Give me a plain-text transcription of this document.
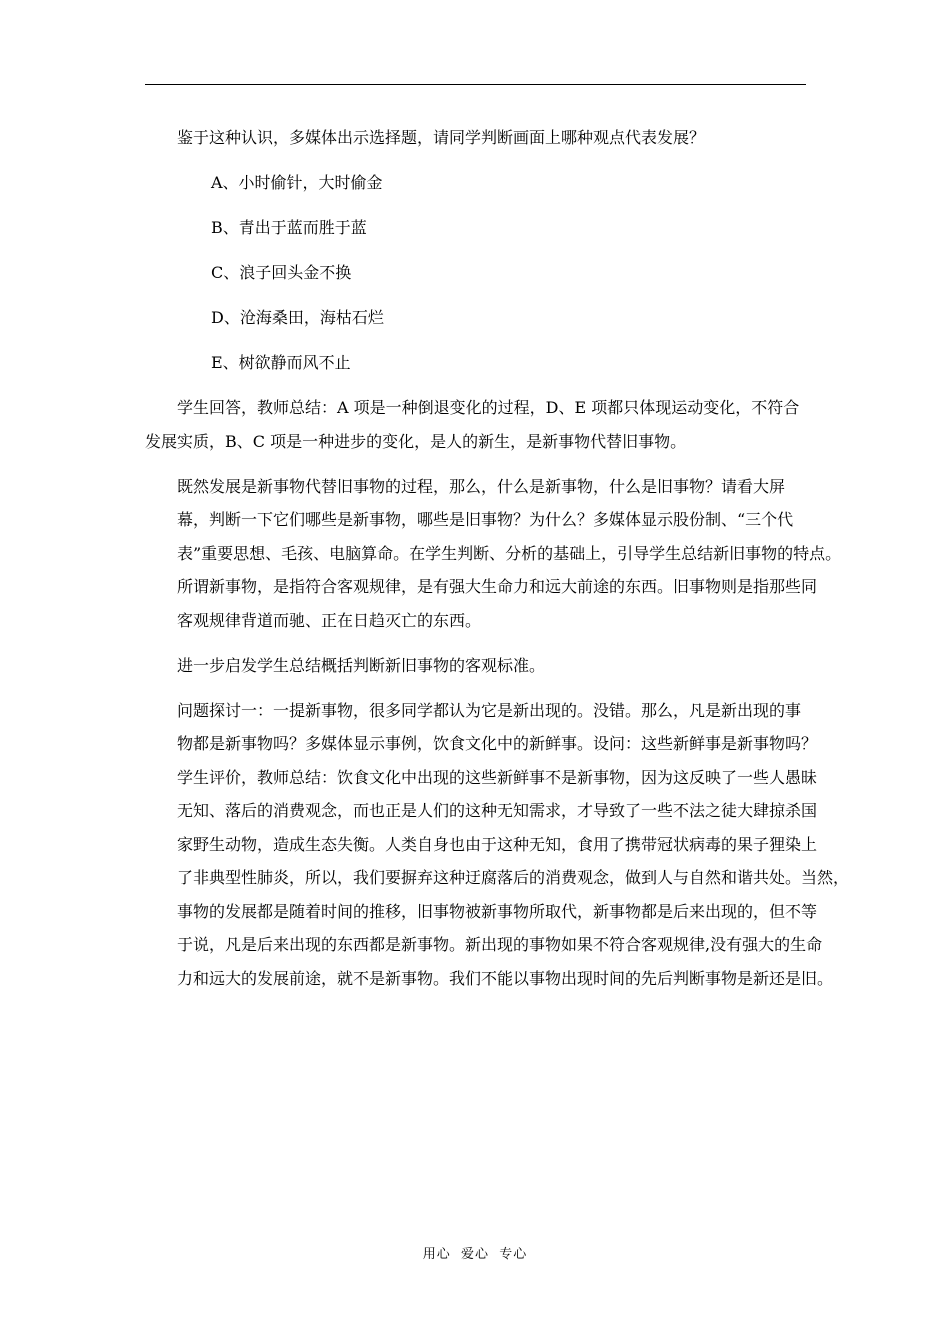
鉴于这种认识，多媒体出示选择题，请同学判断画面上哪种观点代表发展？

A、小时偷针，大时偷金

B、青出于蓝而胜于蓝

C、浪子回头金不换

D、沧海桑田，海枯石烂

E、树欲静而风不止

学生回答，教师总结：A 项是一种倒退变化的过程，D、E 项都只体现运动变化，不符合
发展实质，B、C 项是一种进步的变化，是人的新生，是新事物代替旧事物。

既然发展是新事物代替旧事物的过程，那么，什么是新事物，什么是旧事物？请看大屏
幕，判断一下它们哪些是新事物，哪些是旧事物？为什么？多媒体显示股份制、“三个代
表”重要思想、毛孩、电脑算命。在学生判断、分析的基础上，引导学生总结新旧事物的特点。
所谓新事物，是指符合客观规律，是有强大生命力和远大前途的东西。旧事物则是指那些同
客观规律背道而驰、正在日趋灭亡的东西。

进一步启发学生总结概括判断新旧事物的客观标准。

问题探讨一：一提新事物，很多同学都认为它是新出现的。没错。那么，凡是新出现的事
物都是新事物吗？多媒体显示事例，饮食文化中的新鲜事。设问：这些新鲜事是新事物吗？
学生评价，教师总结：饮食文化中出现的这些新鲜事不是新事物，因为这反映了一些人愚昧
无知、落后的消费观念，而也正是人们的这种无知需求，才导致了一些不法之徒大肆掠杀国
家野生动物，造成生态失衡。人类自身也由于这种无知，食用了携带冠状病毒的果子狸染上
了非典型性肺炎，所以，我们要摒弃这种迂腐落后的消费观念，做到人与自然和谐共处。当然，
事物的发展都是随着时间的推移，旧事物被新事物所取代，新事物都是后来出现的，但不等
于说，凡是后来出现的东西都是新事物。新出现的事物如果不符合客观规律,没有强大的生命
力和远大的发展前途，就不是新事物。我们不能以事物出现时间的先后判断事物是新还是旧。

用心  爱心  专心
